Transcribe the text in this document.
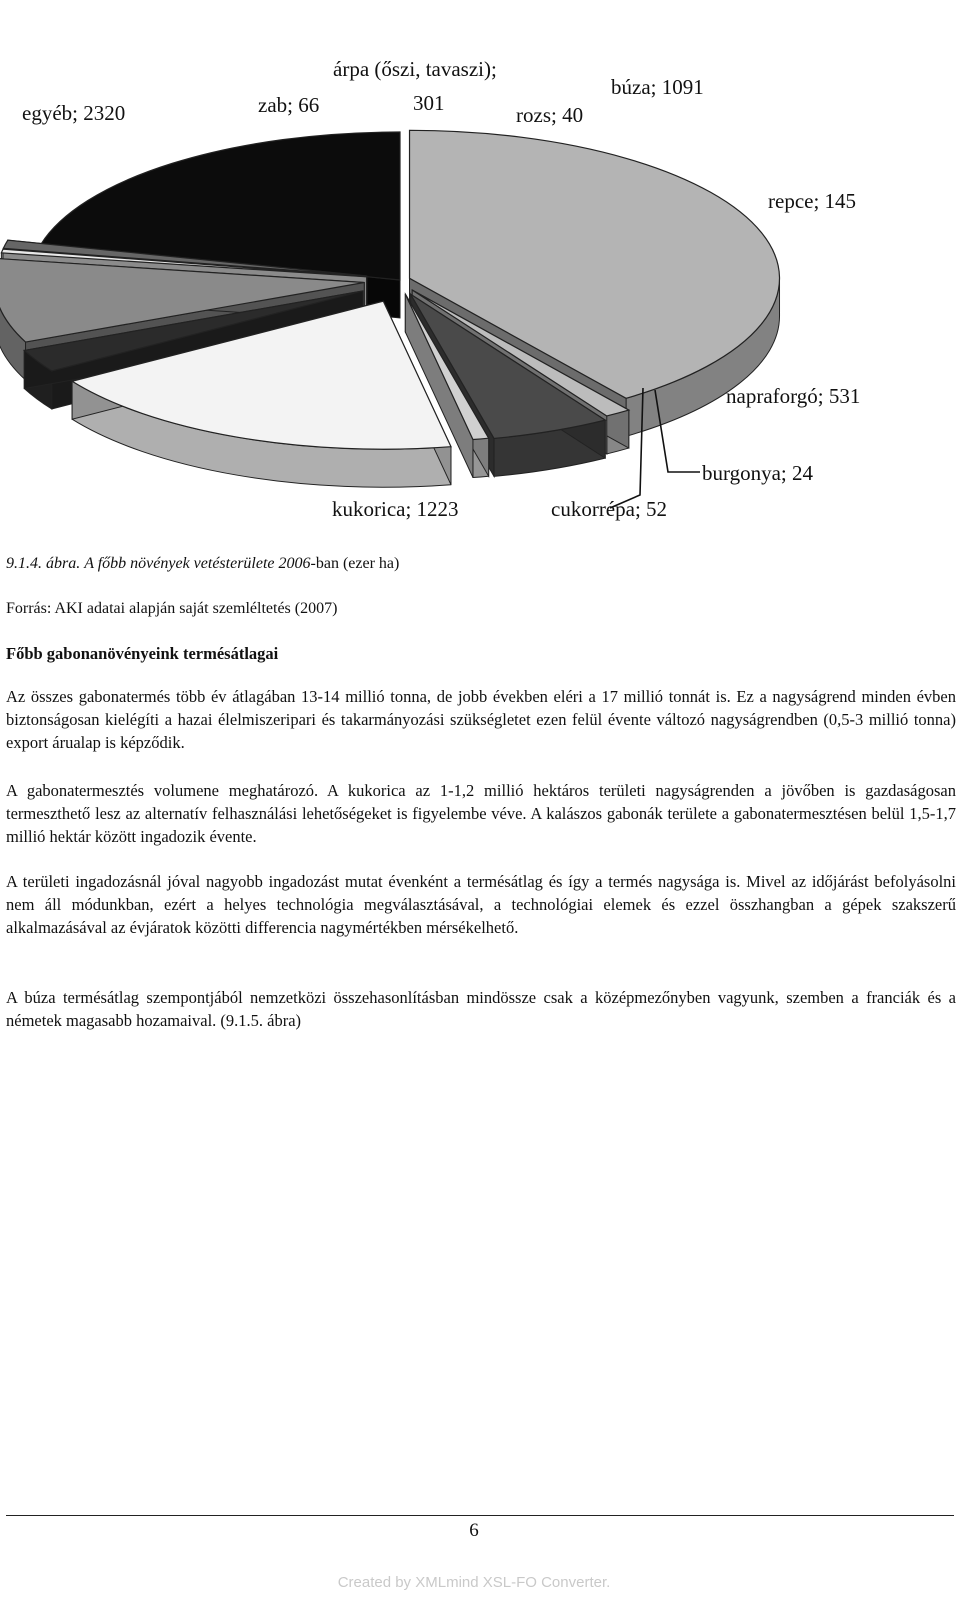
egyéb; 2320	zab; 66
árpa (őszi, tavaszi);
301	rozs; 40
búza; 1091
repce; 145
napraforgó; 531
burgonya; 24
cukorrépa; 52
kukorica; 1223
9.1.4. ábra. A főbb növények vetésterülete 2006-ban (ezer ha)
Forrás: AKI adatai alapján saját szemléltetés (2007)
Főbb gabonanövényeink termésátlagai
Az összes gabonatermés több év átlagában 13-14 millió tonna, de jobb években eléri a 17 millió tonnát is. Ez a nagyságrend minden évben biztonságosan kielégíti a hazai élelmiszeripari és takarmányozási szükségletet ezen felül évente változó nagyságrendben (0,5-3 millió tonna) export árualap is képződik.
A gabonatermesztés volumene meghatározó. A kukorica az 1-1,2 millió hektáros területi nagyságrenden a jövőben is gazdaságosan termeszthető lesz az alternatív felhasználási lehetőségeket is figyelembe véve. A kalászos gabonák területe a gabonatermesztésen belül 1,5-1,7 millió hektár között ingadozik évente.
A területi ingadozásnál jóval nagyobb ingadozást mutat évenként a termésátlag és így a termés nagysága is. Mivel az időjárást befolyásolni nem áll módunkban, ezért a helyes technológia megválasztásával, a technológiai elemek és ezzel összhangban a gépek szakszerű alkalmazásával az évjáratok közötti differencia nagymértékben mérsékelhető.
A búza termésátlag szempontjából nemzetközi összehasonlításban mindössze csak a középmezőnyben vagyunk, szemben a franciák és a németek magasabb hozamaival. (9.1.5. ábra)
6
Created by XMLmind XSL-FO Converter.
